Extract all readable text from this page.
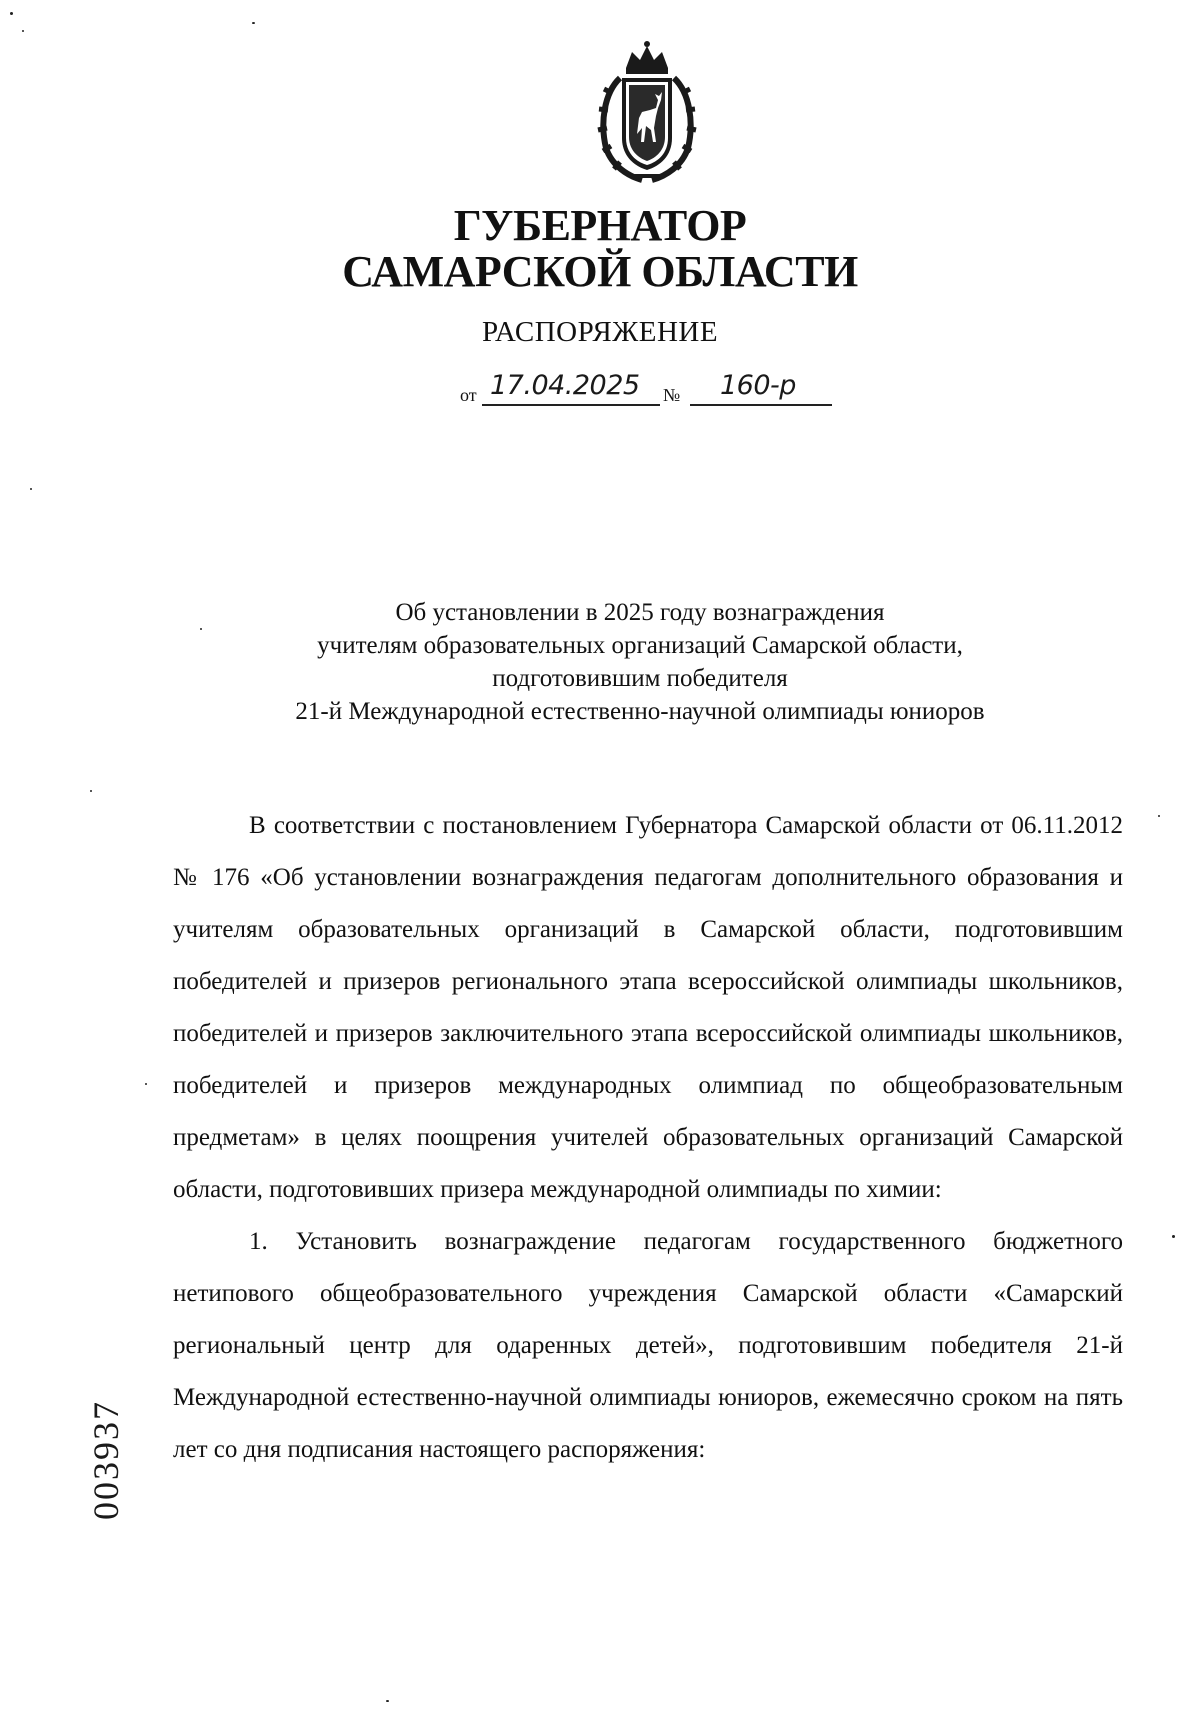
ГУБЕРНАТОР
САМАРСКОЙ ОБЛАСТИ
РАСПОРЯЖЕНИЕ
от 17.04.2025 № 160-р
Об установлении в 2025 году вознаграждения
учителям образовательных организаций Самарской области,
подготовившим победителя
21-й Международной естественно-научной олимпиады юниоров

В соответствии с постановлением Губернатора Самарской области от 06.11.2012 № 176 «Об установлении вознаграждения педагогам дополнительного образования и учителям образовательных организаций в Самарской области, подготовившим победителей и призеров регионального этапа всероссийской олимпиады школьников, победителей и призеров заключительного этапа всероссийской олимпиады школьников, победителей и призеров международных олимпиад по общеобразовательным предметам» в целях поощрения учителей образовательных организаций Самарской области, подготовивших призера международной олимпиады по химии:

1. Установить вознаграждение педагогам государственного бюджетного нетипового общеобразовательного учреждения Самарской области «Самарский региональный центр для одаренных детей», подготовившим победителя 21-й Международной естественно-научной олимпиады юниоров, ежемесячно сроком на пять лет со дня подписания настоящего распоряжения:

003937
